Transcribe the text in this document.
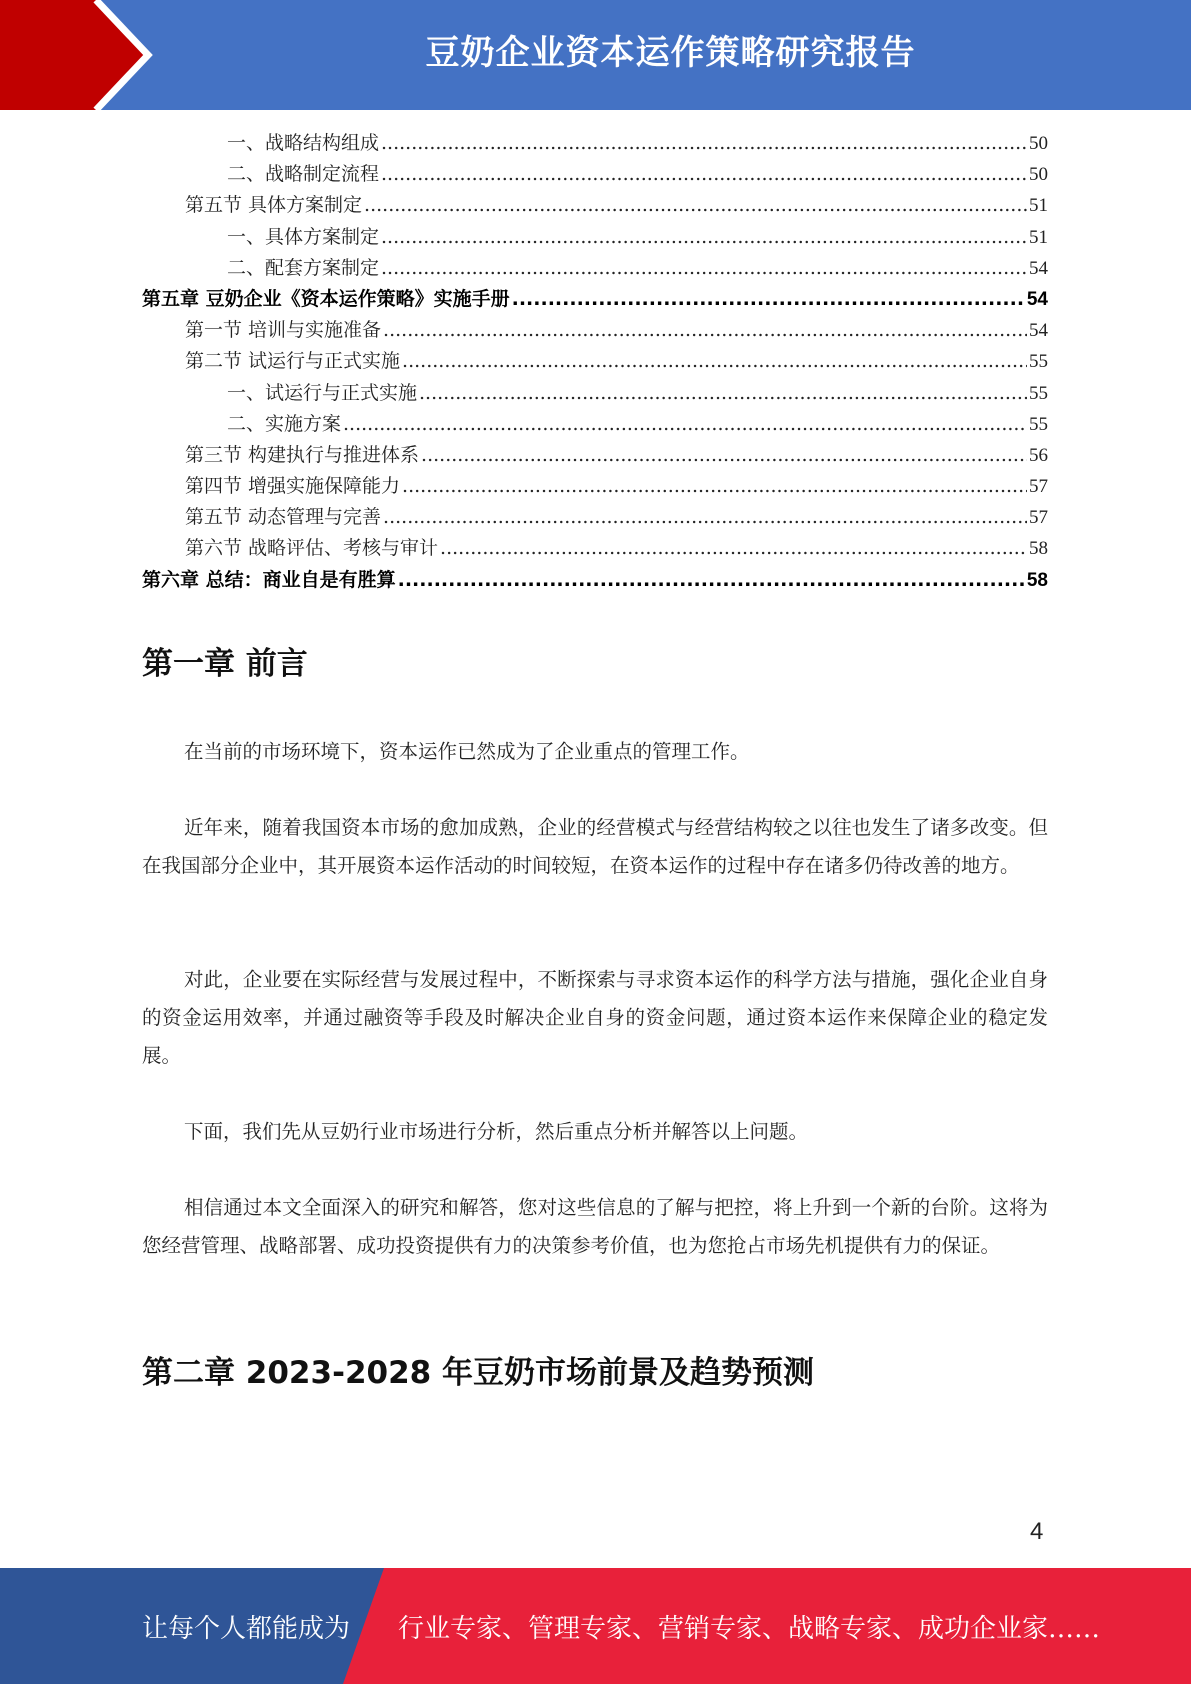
豆奶企业资本运作策略研究报告
一、战略结构组成 .....	50
二、战略制定流程 .....	50
第五节 具体方案制定 .....	51
一、具体方案制定 .....	51
二、配套方案制定 .....	54
第五章 豆奶企业《资本运作策略》实施手册 .....	54
第一节 培训与实施准备 .....	54
第二节 试运行与正式实施 .....	55
一、试运行与正式实施 .....	55
二、实施方案 .....	55
第三节 构建执行与推进体系 .....	56
第四节 增强实施保障能力 .....	57
第五节 动态管理与完善 .....	57
第六节 战略评估、考核与审计 .....	58
第六章 总结：商业自是有胜算 .....	58
第一章 前言

在当前的市场环境下，资本运作已然成为了企业重点的管理工作。

近年来，随着我国资本市场的愈加成熟，企业的经营模式与经营结构较之以往也发生了诸多改变。但在我国部分企业中，其开展资本运作活动的时间较短，在资本运作的过程中存在诸多仍待改善的地方。

对此，企业要在实际经营与发展过程中，不断探索与寻求资本运作的科学方法与措施，强化企业自身的资金运用效率，并通过融资等手段及时解决企业自身的资金问题，通过资本运作来保障企业的稳定发展。

下面，我们先从豆奶行业市场进行分析，然后重点分析并解答以上问题。

相信通过本文全面深入的研究和解答，您对这些信息的了解与把控，将上升到一个新的台阶。这将为您经营管理、战略部署、成功投资提供有力的决策参考价值，也为您抢占市场先机提供有力的保证。

第二章 2023-2028 年豆奶市场前景及趋势预测
4
让每个人都能成为 行业专家、管理专家、营销专家、战略专家、成功企业家……
